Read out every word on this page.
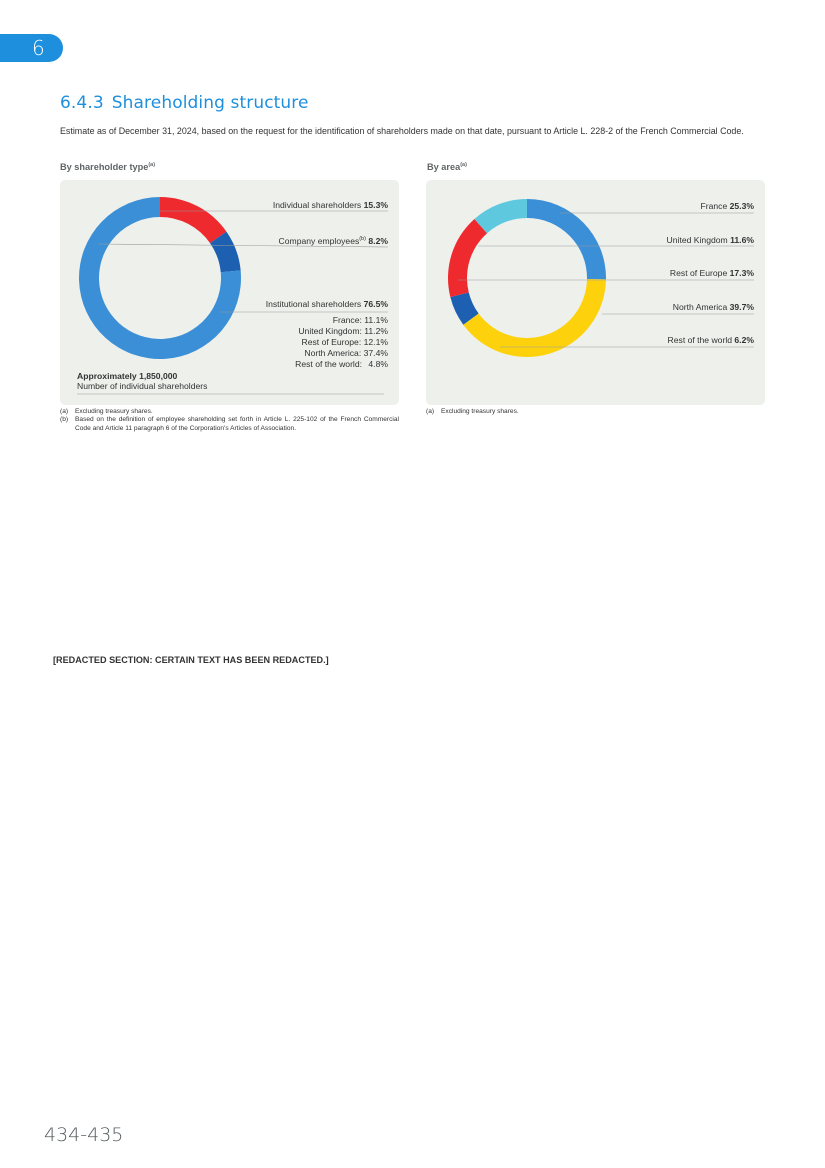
6
6.4.3 Shareholding structure

Estimate as of December 31, 2024, based on the request for the identification of shareholders made on that date, pursuant to Article L. 228-2 of the French Commercial Code.

By shareholder type$^{(a)}$	By area$^{(a)}$
Individual shareholders 15.3%
Company employees$^{(b)}$ 8.2%
Institutional shareholders 76.5%
France: 11.1%
United Kingdom: 11.2%
Rest of Europe: 12.1%
North America: 37.4%
Rest of the world: 4.8%
Approximately 1,850,000
Number of individual shareholders
France 25.3%
United Kingdom 11.6%
Rest of Europe 17.3%
North America 39.7%
Rest of the world 6.2%
(a)	Excluding treasury shares.
(b)	Based on the definition of employee shareholding set forth in Article L. 225-102 of the French Commercial Code and Article 11 paragraph 6 of the Corporation's Articles of Association.
(a)	Excluding treasury shares.
[REDACTED SECTION: CERTAIN TEXT HAS BEEN REDACTED.]
434-435
